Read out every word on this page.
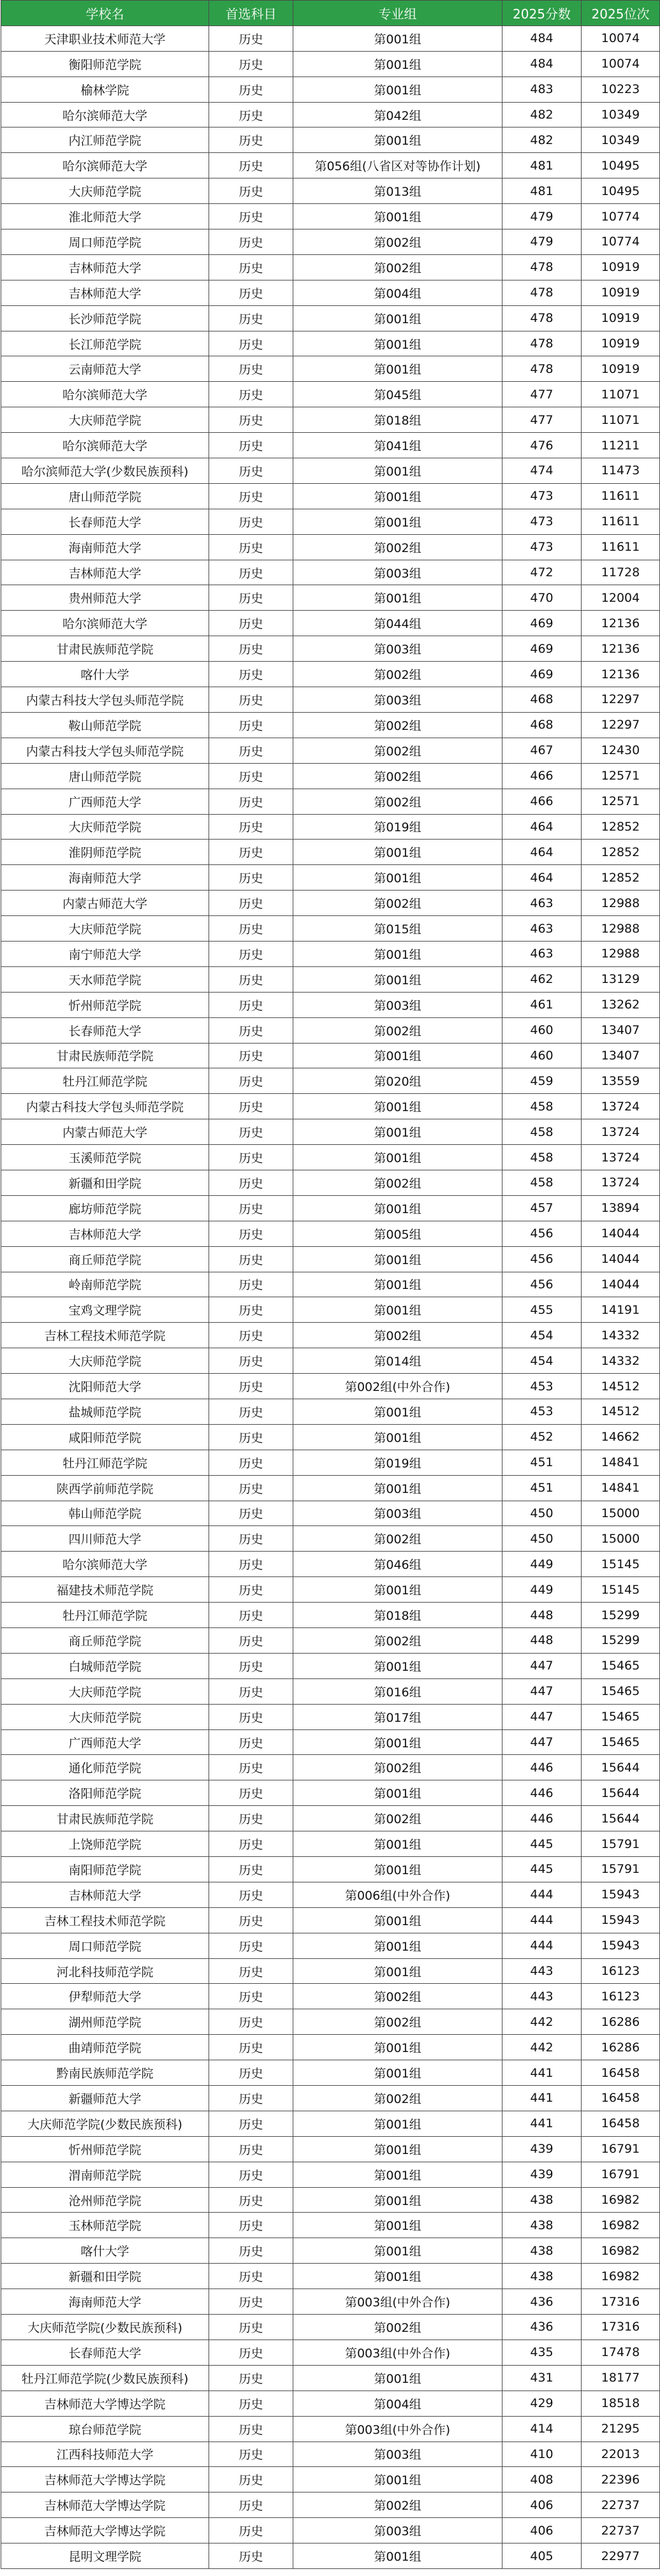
学校名	首选科目	专业组	2025分数	2025位次
天津职业技术师范大学	历史	第001组	484	10074
衡阳师范学院	历史	第001组	484	10074
榆林学院	历史	第001组	483	10223
哈尔滨师范大学	历史	第042组	482	10349
内江师范学院	历史	第001组	482	10349
哈尔滨师范大学	历史	第056组(八省区对等协作计划)	481	10495
大庆师范学院	历史	第013组	481	10495
淮北师范大学	历史	第001组	479	10774
周口师范学院	历史	第002组	479	10774
吉林师范大学	历史	第002组	478	10919
吉林师范大学	历史	第004组	478	10919
长沙师范学院	历史	第001组	478	10919
长江师范学院	历史	第001组	478	10919
云南师范大学	历史	第001组	478	10919
哈尔滨师范大学	历史	第045组	477	11071
大庆师范学院	历史	第018组	477	11071
哈尔滨师范大学	历史	第041组	476	11211
哈尔滨师范大学(少数民族预科)	历史	第001组	474	11473
唐山师范学院	历史	第001组	473	11611
长春师范大学	历史	第001组	473	11611
海南师范大学	历史	第002组	473	11611
吉林师范大学	历史	第003组	472	11728
贵州师范大学	历史	第001组	470	12004
哈尔滨师范大学	历史	第044组	469	12136
甘肃民族师范学院	历史	第003组	469	12136
喀什大学	历史	第002组	469	12136
内蒙古科技大学包头师范学院	历史	第003组	468	12297
鞍山师范学院	历史	第002组	468	12297
内蒙古科技大学包头师范学院	历史	第002组	467	12430
唐山师范学院	历史	第002组	466	12571
广西师范大学	历史	第002组	466	12571
大庆师范学院	历史	第019组	464	12852
淮阴师范学院	历史	第001组	464	12852
海南师范大学	历史	第001组	464	12852
内蒙古师范大学	历史	第002组	463	12988
大庆师范学院	历史	第015组	463	12988
南宁师范大学	历史	第001组	463	12988
天水师范学院	历史	第001组	462	13129
忻州师范学院	历史	第003组	461	13262
长春师范大学	历史	第002组	460	13407
甘肃民族师范学院	历史	第001组	460	13407
牡丹江师范学院	历史	第020组	459	13559
内蒙古科技大学包头师范学院	历史	第001组	458	13724
内蒙古师范大学	历史	第001组	458	13724
玉溪师范学院	历史	第001组	458	13724
新疆和田学院	历史	第002组	458	13724
廊坊师范学院	历史	第001组	457	13894
吉林师范大学	历史	第005组	456	14044
商丘师范学院	历史	第001组	456	14044
岭南师范学院	历史	第001组	456	14044
宝鸡文理学院	历史	第001组	455	14191
吉林工程技术师范学院	历史	第002组	454	14332
大庆师范学院	历史	第014组	454	14332
沈阳师范大学	历史	第002组(中外合作)	453	14512
盐城师范学院	历史	第001组	453	14512
咸阳师范学院	历史	第001组	452	14662
牡丹江师范学院	历史	第019组	451	14841
陕西学前师范学院	历史	第001组	451	14841
韩山师范学院	历史	第003组	450	15000
四川师范大学	历史	第002组	450	15000
哈尔滨师范大学	历史	第046组	449	15145
福建技术师范学院	历史	第001组	449	15145
牡丹江师范学院	历史	第018组	448	15299
商丘师范学院	历史	第002组	448	15299
白城师范学院	历史	第001组	447	15465
大庆师范学院	历史	第016组	447	15465
大庆师范学院	历史	第017组	447	15465
广西师范大学	历史	第001组	447	15465
通化师范学院	历史	第002组	446	15644
洛阳师范学院	历史	第001组	446	15644
甘肃民族师范学院	历史	第002组	446	15644
上饶师范学院	历史	第001组	445	15791
南阳师范学院	历史	第001组	445	15791
吉林师范大学	历史	第006组(中外合作)	444	15943
吉林工程技术师范学院	历史	第001组	444	15943
周口师范学院	历史	第001组	444	15943
河北科技师范学院	历史	第001组	443	16123
伊犁师范大学	历史	第002组	443	16123
湖州师范学院	历史	第002组	442	16286
曲靖师范学院	历史	第001组	442	16286
黔南民族师范学院	历史	第001组	441	16458
新疆师范大学	历史	第002组	441	16458
大庆师范学院(少数民族预科)	历史	第001组	441	16458
忻州师范学院	历史	第001组	439	16791
渭南师范学院	历史	第001组	439	16791
沧州师范学院	历史	第001组	438	16982
玉林师范学院	历史	第001组	438	16982
喀什大学	历史	第001组	438	16982
新疆和田学院	历史	第001组	438	16982
海南师范大学	历史	第003组(中外合作)	436	17316
大庆师范学院(少数民族预科)	历史	第002组	436	17316
长春师范大学	历史	第003组(中外合作)	435	17478
牡丹江师范学院(少数民族预科)	历史	第001组	431	18177
吉林师范大学博达学院	历史	第004组	429	18518
琼台师范学院	历史	第003组(中外合作)	414	21295
江西科技师范大学	历史	第003组	410	22013
吉林师范大学博达学院	历史	第001组	408	22396
吉林师范大学博达学院	历史	第002组	406	22737
吉林师范大学博达学院	历史	第003组	406	22737
昆明文理学院	历史	第001组	405	22977
